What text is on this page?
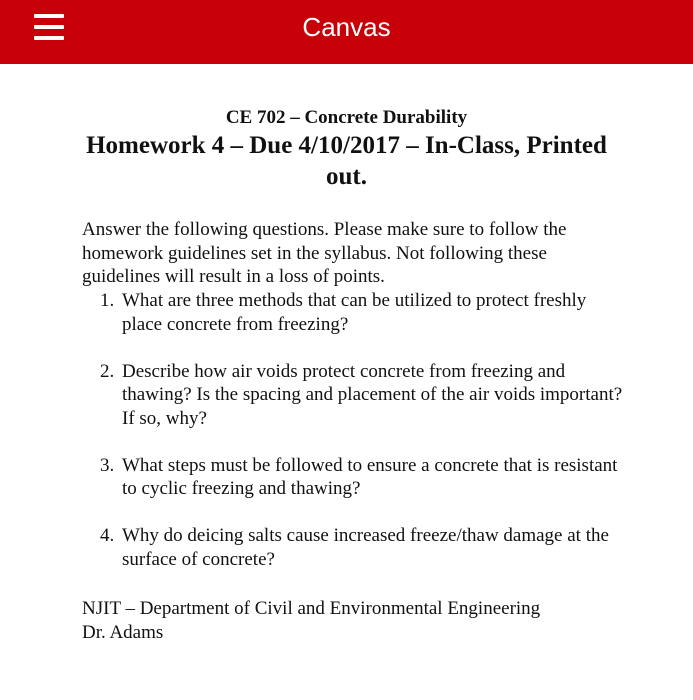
Canvas
CE 702 – Concrete Durability
Homework 4 – Due 4/10/2017 – In-Class, Printed out.
Answer the following questions. Please make sure to follow the homework guidelines set in the syllabus. Not following these guidelines will result in a loss of points.
1. What are three methods that can be utilized to protect freshly place concrete from freezing?
2. Describe how air voids protect concrete from freezing and thawing? Is the spacing and placement of the air voids important? If so, why?
3. What steps must be followed to ensure a concrete that is resistant to cyclic freezing and thawing?
4. Why do deicing salts cause increased freeze/thaw damage at the surface of concrete?
NJIT – Department of Civil and Environmental Engineering
Dr. Adams
